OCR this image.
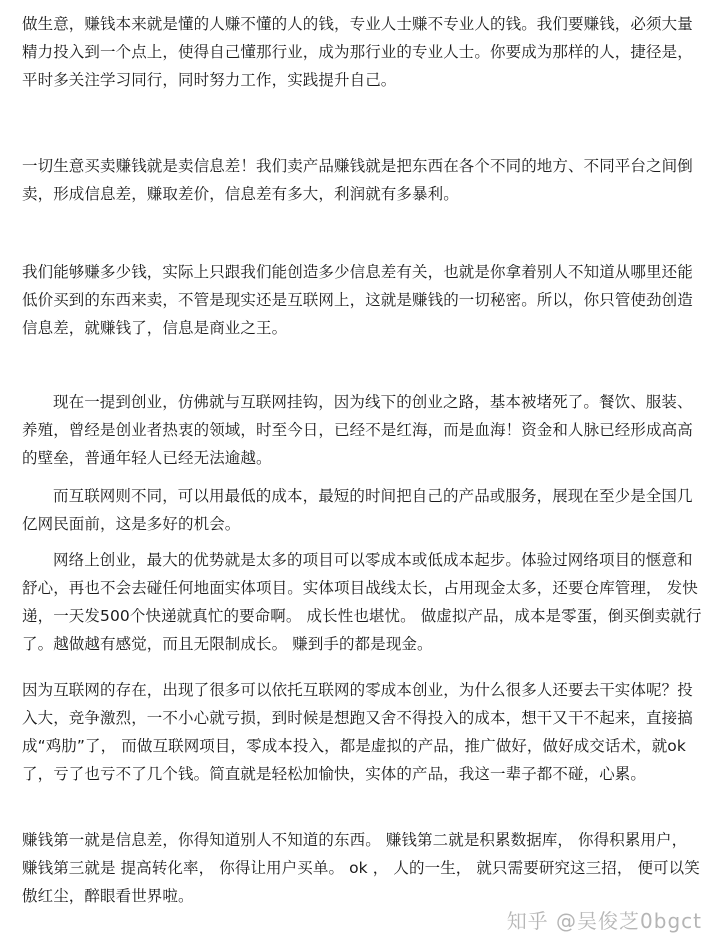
做生意，赚钱本来就是懂的人赚不懂的人的钱，专业人士赚不专业人的钱。我们要赚钱，必须大量精力投入到一个点上，使得自己懂那行业，成为那行业的专业人士。你要成为那样的人，捷径是，平时多关注学习同行，同时努力工作，实践提升自己。

一切生意买卖赚钱就是卖信息差！我们卖产品赚钱就是把东西在各个不同的地方、不同平台之间倒卖，形成信息差，赚取差价，信息差有多大，利润就有多暴利。

我们能够赚多少钱，实际上只跟我们能创造多少信息差有关，也就是你拿着别人不知道从哪里还能低价买到的东西来卖，不管是现实还是互联网上，这就是赚钱的一切秘密。所以，你只管使劲创造信息差，就赚钱了，信息是商业之王。

现在一提到创业，仿佛就与互联网挂钩，因为线下的创业之路，基本被堵死了。餐饮、服装、养殖，曾经是创业者热衷的领域，时至今日，已经不是红海，而是血海！资金和人脉已经形成高高的壁垒，普通年轻人已经无法逾越。

而互联网则不同，可以用最低的成本，最短的时间把自己的产品或服务，展现在至少是全国几亿网民面前，这是多好的机会。

网络上创业，最大的优势就是太多的项目可以零成本或低成本起步。体验过网络项目的惬意和舒心，再也不会去碰任何地面实体项目。实体项目战线太长，占用现金太多，还要仓库管理， 发快递，一天发500个快递就真忙的要命啊。 成长性也堪忧。 做虚拟产品，成本是零蛋，倒买倒卖就行了。越做越有感觉，而且无限制成长。 赚到手的都是现金。

因为互联网的存在，出现了很多可以依托互联网的零成本创业，为什么很多人还要去干实体呢？投入大，竞争激烈，一不小心就亏损，到时候是想跑又舍不得投入的成本，想干又干不起来，直接搞成“鸡肋”了， 而做互联网项目，零成本投入，都是虚拟的产品，推广做好，做好成交话术，就ok了，亏了也亏不了几个钱。简直就是轻松加愉快，实体的产品，我这一辈子都不碰，心累。

赚钱第一就是信息差，你得知道别人不知道的东西。 赚钱第二就是积累数据库， 你得积累用户， 赚钱第三就是 提高转化率， 你得让用户买单。 ok ， 人的一生， 就只需要研究这三招， 便可以笑傲红尘，醉眼看世界啦。

知乎 @吴俊芝0bgct
